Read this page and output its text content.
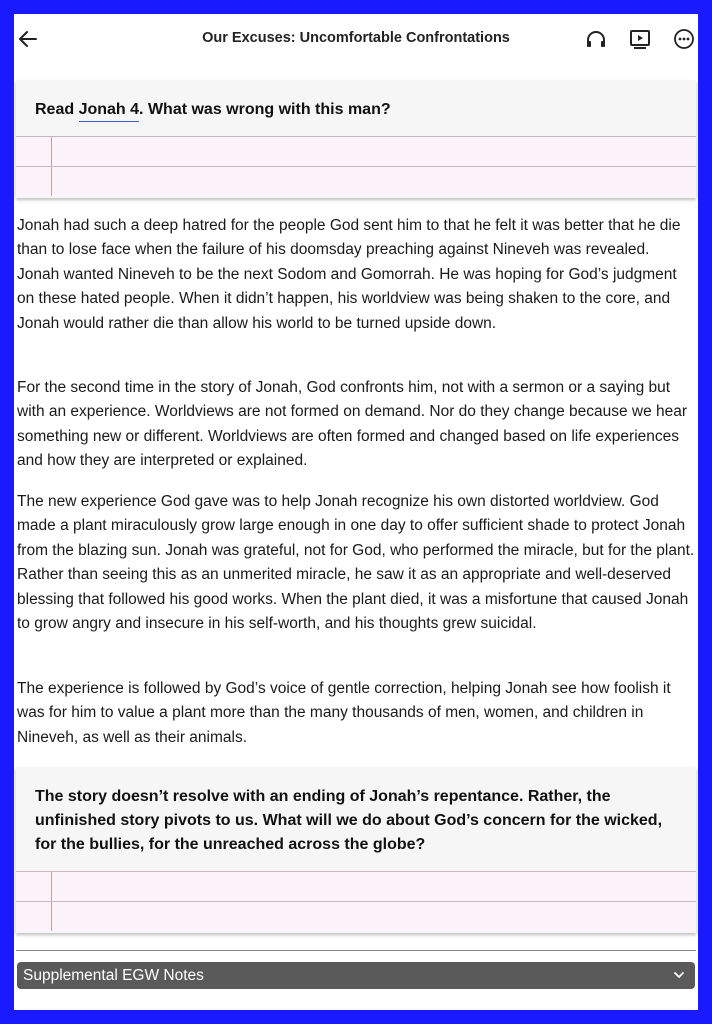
Our Excuses: Uncomfortable Confrontations
Read Jonah 4. What was wrong with this man?
Jonah had such a deep hatred for the people God sent him to that he felt it was better that he die than to lose face when the failure of his doomsday preaching against Nineveh was revealed. Jonah wanted Nineveh to be the next Sodom and Gomorrah. He was hoping for God’s judgment on these hated people. When it didn’t happen, his worldview was being shaken to the core, and Jonah would rather die than allow his world to be turned upside down.
For the second time in the story of Jonah, God confronts him, not with a sermon or a saying but with an experience. Worldviews are not formed on demand. Nor do they change because we hear something new or different. Worldviews are often formed and changed based on life experiences and how they are interpreted or explained.
The new experience God gave was to help Jonah recognize his own distorted worldview. God made a plant miraculously grow large enough in one day to offer sufficient shade to protect Jonah from the blazing sun. Jonah was grateful, not for God, who performed the miracle, but for the plant. Rather than seeing this as an unmerited miracle, he saw it as an appropriate and well-deserved blessing that followed his good works. When the plant died, it was a misfortune that caused Jonah to grow angry and insecure in his self-worth, and his thoughts grew suicidal.
The experience is followed by God’s voice of gentle correction, helping Jonah see how foolish it was for him to value a plant more than the many thousands of men, women, and children in Nineveh, as well as their animals.
The story doesn’t resolve with an ending of Jonah’s repentance. Rather, the unfinished story pivots to us. What will we do about God’s concern for the wicked, for the bullies, for the unreached across the globe?
Supplemental EGW Notes
